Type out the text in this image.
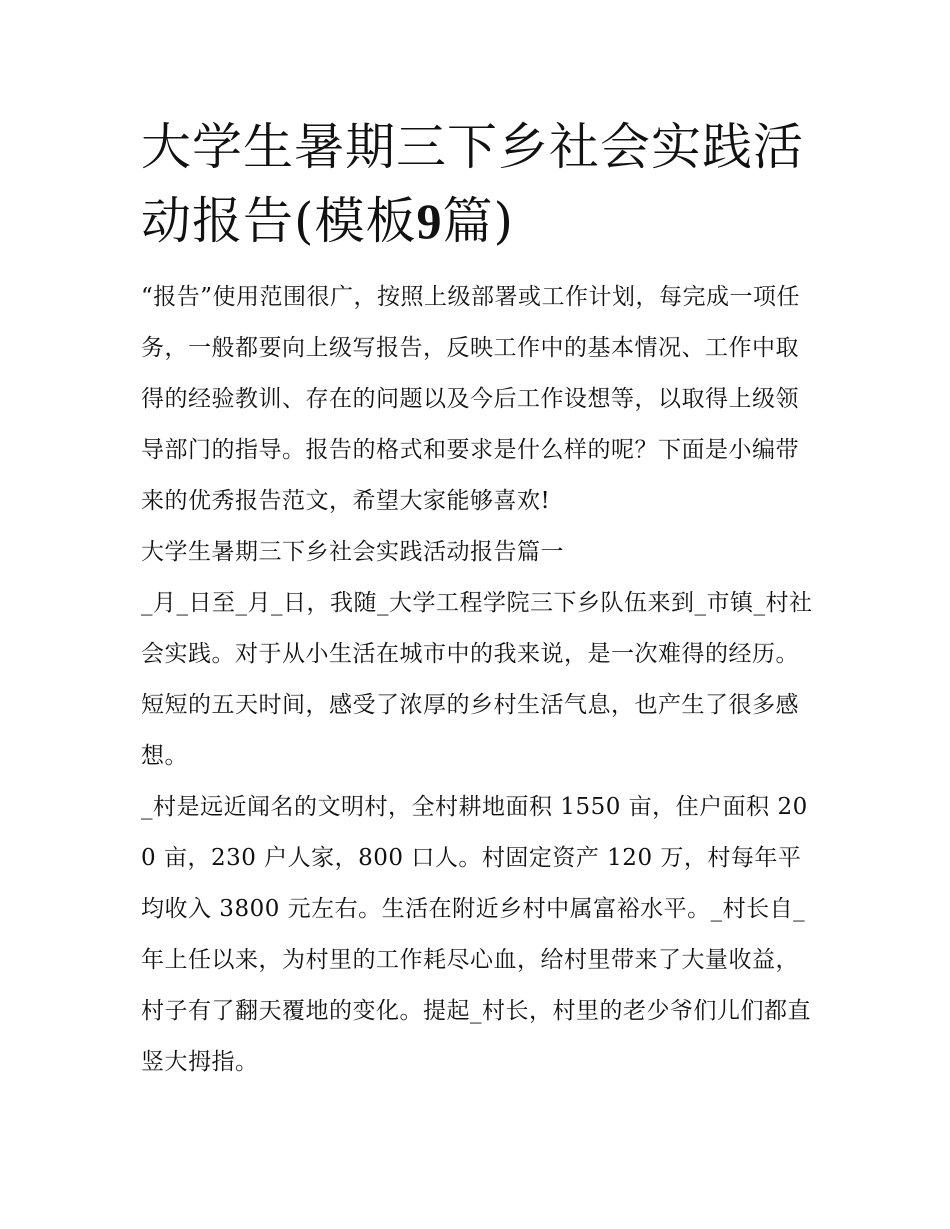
大学生暑期三下乡社会实践活
动报告(模板9篇)

“报告”使用范围很广，按照上级部署或工作计划，每完成一项任务，一般都要向上级写报告，反映工作中的基本情况、工作中取得的经验教训、存在的问题以及今后工作设想等，以取得上级领导部门的指导。报告的格式和要求是什么样的呢？下面是小编带来的优秀报告范文，希望大家能够喜欢!

大学生暑期三下乡社会实践活动报告篇一

_月_日至_月_日，我随_大学工程学院三下乡队伍来到_市镇_村社会实践。对于从小生活在城市中的我来说，是一次难得的经历。短短的五天时间，感受了浓厚的乡村生活气息，也产生了很多感想。

_村是远近闻名的文明村，全村耕地面积 1550 亩，住户面积 200 亩，230 户人家，800 口人。村固定资产 120 万，村每年平均收入 3800 元左右。生活在附近乡村中属富裕水平。_村长自_年上任以来，为村里的工作耗尽心血，给村里带来了大量收益，村子有了翻天覆地的变化。提起_村长，村里的老少爷们儿们都直竖大拇指。
